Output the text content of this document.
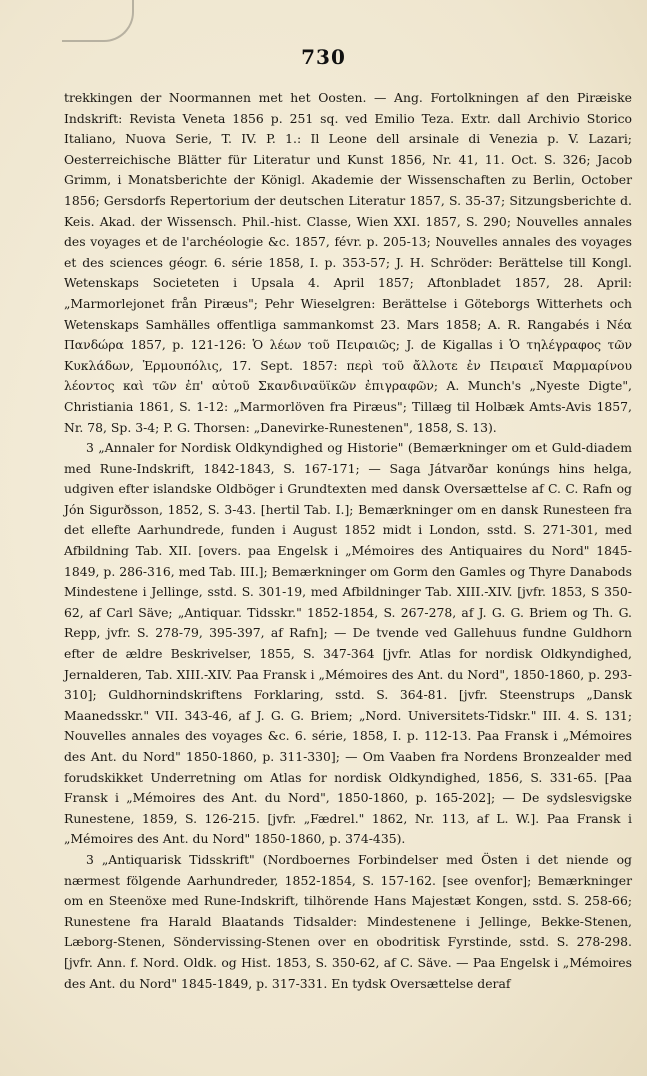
730

trekkingen der Noormannen met het Oosten. — Ang. Fortolkningen af den Piræiske Indskrift: Revista Veneta 1856 p. 251 sq. ved Emilio Teza. Extr. dall Archivio Storico Italiano, Nuova Serie, T. IV. P. 1.: Il Leone dell arsinale di Venezia p. V. Lazari; Oesterreichische Blätter für Literatur und Kunst 1856, Nr. 41, 11. Oct. S. 326; Jacob Grimm, i Monatsberichte der Königl. Akademie der Wissenschaften zu Berlin, October 1856; Gersdorfs Repertorium der deutschen Literatur 1857, S. 35-37; Sitzungsberichte d. Keis. Akad. der Wissensch. Phil.-hist. Classe, Wien XXI. 1857, S. 290; Nouvelles annales des voyages et de l'archéologie &c. 1857, févr. p. 205-13; Nouvelles annales des voyages et des sciences géogr. 6. série 1858, I. p. 353-57; J. H. Schröder: Berättelse till Kongl. Wetenskaps Societeten i Upsala 4. April 1857; Aftonbladet 1857, 28. April: „Marmorlejonet från Piræus"; Pehr Wieselgren: Berättelse i Göteborgs Witterhets och Wetenskaps Samhälles offentliga sammankomst 23. Mars 1858; A. R. Rangabés i Νέα Πανδώρα 1857, p. 121-126: Ὁ λέων τοῦ Πειραιῶς; J. de Kigallas i Ὁ τηλέγραφος τῶν Κυκλάδων, Ἑρμουπόλις, 17. Sept. 1857: περὶ τοῦ ἄλλοτε ἐν Πειραιεῖ Μαρμαρίνου λέοντος καὶ τῶν ἐπ' αὐτοῦ Σκανδιναϋϊκῶν ἐπιγραφῶν; A. Munch's „Nyeste Digte", Christiania 1861, S. 1-12: „Marmorlöven fra Piræus"; Tillæg til Holbæk Amts-Avis 1857, Nr. 78, Sp. 3-4; P. G. Thorsen: „Danevirke-Runestenen", 1858, S. 13).

3 „Annaler for Nordisk Oldkyndighed og Historie" (Bemærkninger om et Guld-diadem med Rune-Indskrift, 1842-1843, S. 167-171; — Saga Játvarðar konúngs hins helga, udgiven efter islandske Oldböger i Grundtexten med dansk Oversættelse af C. C. Rafn og Jón Sigurðsson, 1852, S. 3-43. [hertil Tab. I.]; Bemærkninger om en dansk Runesteen fra det ellefte Aarhundrede, funden i August 1852 midt i London, sstd. S. 271-301, med Afbildning Tab. XII. [overs. paa Engelsk i „Mémoires des Antiquaires du Nord" 1845-1849, p. 286-316, med Tab. III.]; Bemærkninger om Gorm den Gamles og Thyre Danabods Mindestene i Jellinge, sstd. S. 301-19, med Afbildninger Tab. XIII.-XIV. [jvfr. 1853, S 350-62, af Carl Säve; „Antiquar. Tidsskr." 1852-1854, S. 267-278, af J. G. G. Briem og Th. G. Repp, jvfr. S. 278-79, 395-397, af Rafn]; — De tvende ved Gallehuus fundne Guldhorn efter de ældre Beskrivelser, 1855, S. 347-364 [jvfr. Atlas for nordisk Oldkyndighed, Jernalderen, Tab. XIII.-XIV. Paa Fransk i „Mémoires des Ant. du Nord", 1850-1860, p. 293-310]; Guldhornindskriftens Forklaring, sstd. S. 364-81. [jvfr. Steenstrups „Dansk Maanedsskr." VII. 343-46, af J. G. G. Briem; „Nord. Universitets-Tidskr." III. 4. S. 131; Nouvelles annales des voyages &c. 6. série, 1858, I. p. 112-13. Paa Fransk i „Mémoires des Ant. du Nord" 1850-1860, p. 311-330]; — Om Vaaben fra Nordens Bronzealder med forudskikket Underretning om Atlas for nordisk Oldkyndighed, 1856, S. 331-65. [Paa Fransk i „Mémoires des Ant. du Nord", 1850-1860, p. 165-202]; — De sydslesvigske Runestene, 1859, S. 126-215. [jvfr. „Fædrel." 1862, Nr. 113, af L. W.]. Paa Fransk i „Mémoires des Ant. du Nord" 1850-1860, p. 374-435).

3 „Antiquarisk Tidsskrift" (Nordboernes Forbindelser med Östen i det niende og nærmest fölgende Aarhundreder, 1852-1854, S. 157-162. [see ovenfor]; Bemærkninger om en Steenöxe med Rune-Indskrift, tilhörende Hans Majestæt Kongen, sstd. S. 258-66; Runestene fra Harald Blaatands Tidsalder: Mindestenene i Jellinge, Bekke-Stenen, Læborg-Stenen, Söndervissing-Stenen over en obodritisk Fyrstinde, sstd. S. 278-298. [jvfr. Ann. f. Nord. Oldk. og Hist. 1853, S. 350-62, af C. Säve. — Paa Engelsk i „Mémoires des Ant. du Nord" 1845-1849, p. 317-331. En tydsk Oversættelse deraf
